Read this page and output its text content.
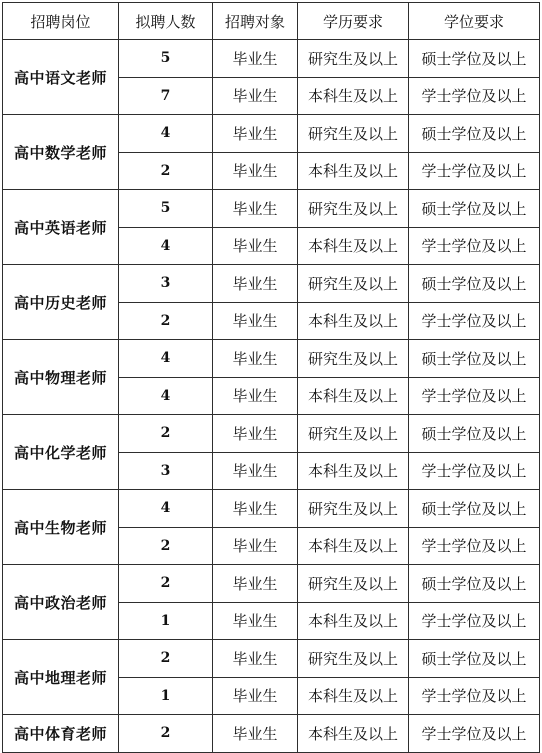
招聘岗位	拟聘人数	招聘对象	学历要求	学位要求
高中语文老师	5	毕业生	研究生及以上	硕士学位及以上
	7	毕业生	本科生及以上	学士学位及以上
高中数学老师	4	毕业生	研究生及以上	硕士学位及以上
	2	毕业生	本科生及以上	学士学位及以上
高中英语老师	5	毕业生	研究生及以上	硕士学位及以上
	4	毕业生	本科生及以上	学士学位及以上
高中历史老师	3	毕业生	研究生及以上	硕士学位及以上
	2	毕业生	本科生及以上	学士学位及以上
高中物理老师	4	毕业生	研究生及以上	硕士学位及以上
	4	毕业生	本科生及以上	学士学位及以上
高中化学老师	2	毕业生	研究生及以上	硕士学位及以上
	3	毕业生	本科生及以上	学士学位及以上
高中生物老师	4	毕业生	研究生及以上	硕士学位及以上
	2	毕业生	本科生及以上	学士学位及以上
高中政治老师	2	毕业生	研究生及以上	硕士学位及以上
	1	毕业生	本科生及以上	学士学位及以上
高中地理老师	2	毕业生	研究生及以上	硕士学位及以上
	1	毕业生	本科生及以上	学士学位及以上
高中体育老师	2	毕业生	本科生及以上	学士学位及以上
